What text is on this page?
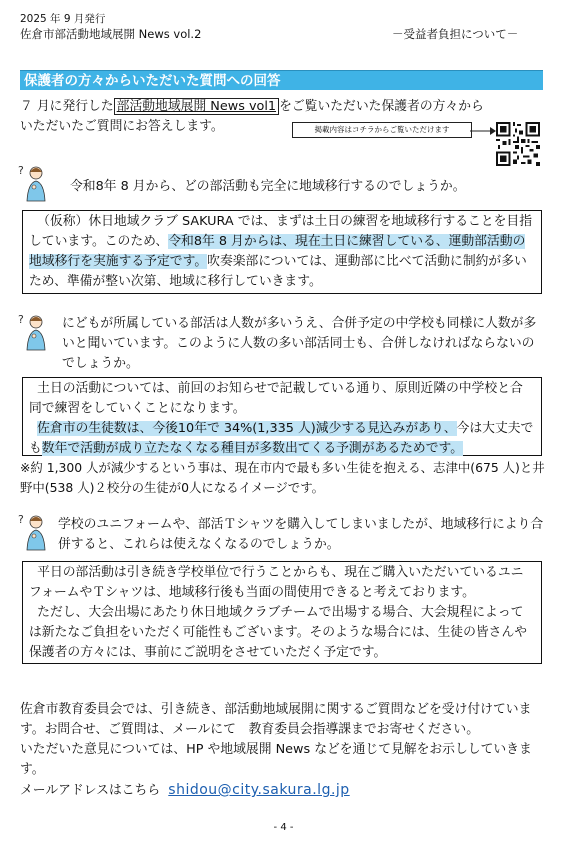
2025 年 9 月発行
佐倉市部活動地域展開 News vol.2	－受益者負担について－
保護者の方々からいただいた質問への回答
７ 月に発行した 部活動地域展開 News vol1 をご覧いただいた保護者の方々から
いただいたご質問にお答えします。	掲載内容はコチラからご覧いただけます
?
令和8年 8 月から、どの部活動も完全に地域移行するのでしょうか。
（仮称）休日地域クラブ SAKURA では、まずは土日の練習を地域移行することを目指しています。このため、令和8年 8 月からは、現在土日に練習している、運動部活動の地域移行を実施する予定です。吹奏楽部については、運動部に比べて活動に制約が多いため、準備が整い次第、地域に移行していきます。
?	にどもが所属している部活は人数が多いうえ、合併予定の中学校も同様に人数が多いと聞いています。このように人数の多い部活同士も、合併しなければならないのでしょうか。
土日の活動については、前回のお知らせで記載している通り、原則近隣の中学校と合同で練習をしていくことになります。
佐倉市の生徒数は、今後10年で 34%(1,335 人)減少する見込みがあり、今は大丈夫でも数年で活動が成り立たなくなる種目が多数出てくる予測があるためです。
※約 1,300 人が減少するという事は、現在市内で最も多い生徒を抱える、志津中(675 人)と井野中(538 人)２校分の生徒が0人になるイメージです。
?	学校のユニフォームや、部活Ｔシャツを購入してしまいましたが、地域移行により合併すると、これらは使えなくなるのでしょうか。
平日の部活動は引き続き学校単位で行うことからも、現在ご購入いただいているユニフォームやＴシャツは、地域移行後も当面の間使用できると考えております。
ただし、大会出場にあたり休日地域クラブチームで出場する場合、大会規程によっては新たなご負担をいただく可能性もございます。そのような場合には、生徒の皆さんや保護者の方々には、事前にご説明をさせていただく予定です。
佐倉市教育委員会では、引き続き、部活動地域展開に関するご質問などを受け付けています。お問合せ、ご質問は、メールにて　教育委員会指導課までお寄せください。
いただいた意見については、HP や地域展開 News などを通じて見解をお示ししていきます。
メールアドレスはこちら shidou@city.sakura.lg.jp
- 4 -
